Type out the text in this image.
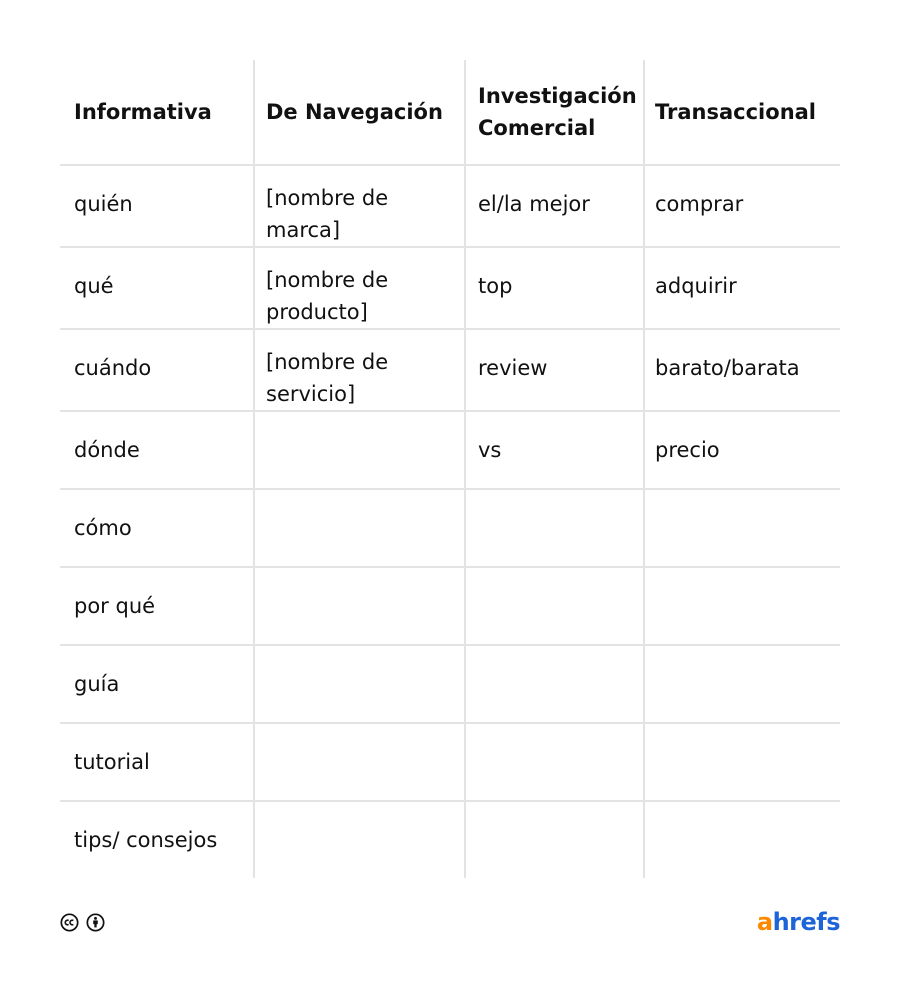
Informativa	De Navegación	Investigación Comercial	Transaccional

quién	[nombre de marca]	el/la mejor	comprar

qué	[nombre de producto]	top	adquirir

cuándo	[nombre de servicio]	review	barato/barata

dónde		vs	precio

cómo			

por qué			

guía			

tutorial			

tips/ consejos			

ahrefs
